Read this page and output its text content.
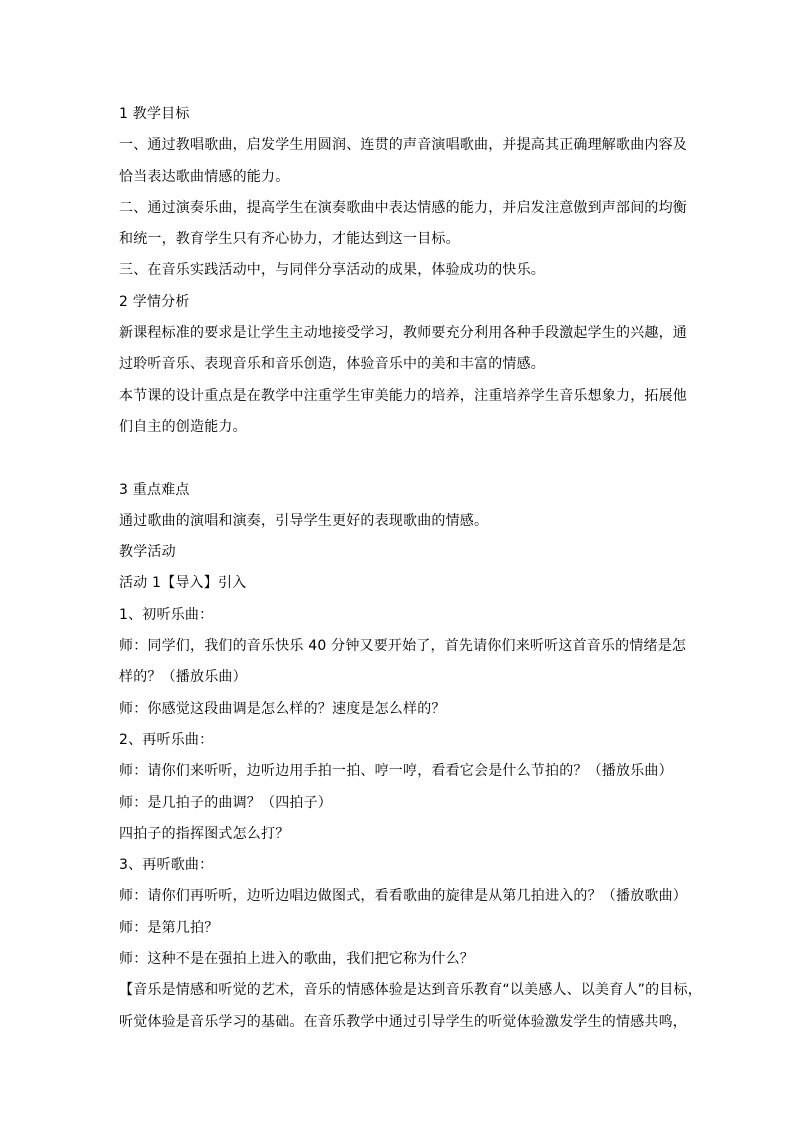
1 教学目标
一、通过教唱歌曲，启发学生用圆润、连贯的声音演唱歌曲，并提高其正确理解歌曲内容及
恰当表达歌曲情感的能力。
二、通过演奏乐曲，提高学生在演奏歌曲中表达情感的能力，并启发注意傲到声部间的均衡
和统一，教育学生只有齐心协力，才能达到这一目标。
三、在音乐实践活动中，与同伴分享活动的成果，体验成功的快乐。
2 学情分析
新课程标准的要求是让学生主动地接受学习，教师要充分利用各种手段激起学生的兴趣，通
过聆听音乐、表现音乐和音乐创造，体验音乐中的美和丰富的情感。
本节课的设计重点是在教学中注重学生审美能力的培养，注重培养学生音乐想象力，拓展他
们自主的创造能力。
3 重点难点
通过歌曲的演唱和演奏，引导学生更好的表现歌曲的情感。
教学活动
活动 1【导入】引入
1、初听乐曲：
师：同学们，我们的音乐快乐 40 分钟又要开始了，首先请你们来听听这首音乐的情绪是怎
样的？（播放乐曲）
师：你感觉这段曲调是怎么样的？速度是怎么样的？
2、再听乐曲：
师：请你们来听听，边听边用手拍一拍、哼一哼，看看它会是什么节拍的？（播放乐曲）
师：是几拍子的曲调？（四拍子）
四拍子的指挥图式怎么打？
3、再听歌曲：
师：请你们再听听，边听边唱边做图式，看看歌曲的旋律是从第几拍进入的？（播放歌曲）
师：是第几拍？
师：这种不是在强拍上进入的歌曲，我们把它称为什么？
【音乐是情感和听觉的艺术，音乐的情感体验是达到音乐教育“以美感人、以美育人”的目标，
听觉体验是音乐学习的基础。在音乐教学中通过引导学生的听觉体验激发学生的情感共鸣，
